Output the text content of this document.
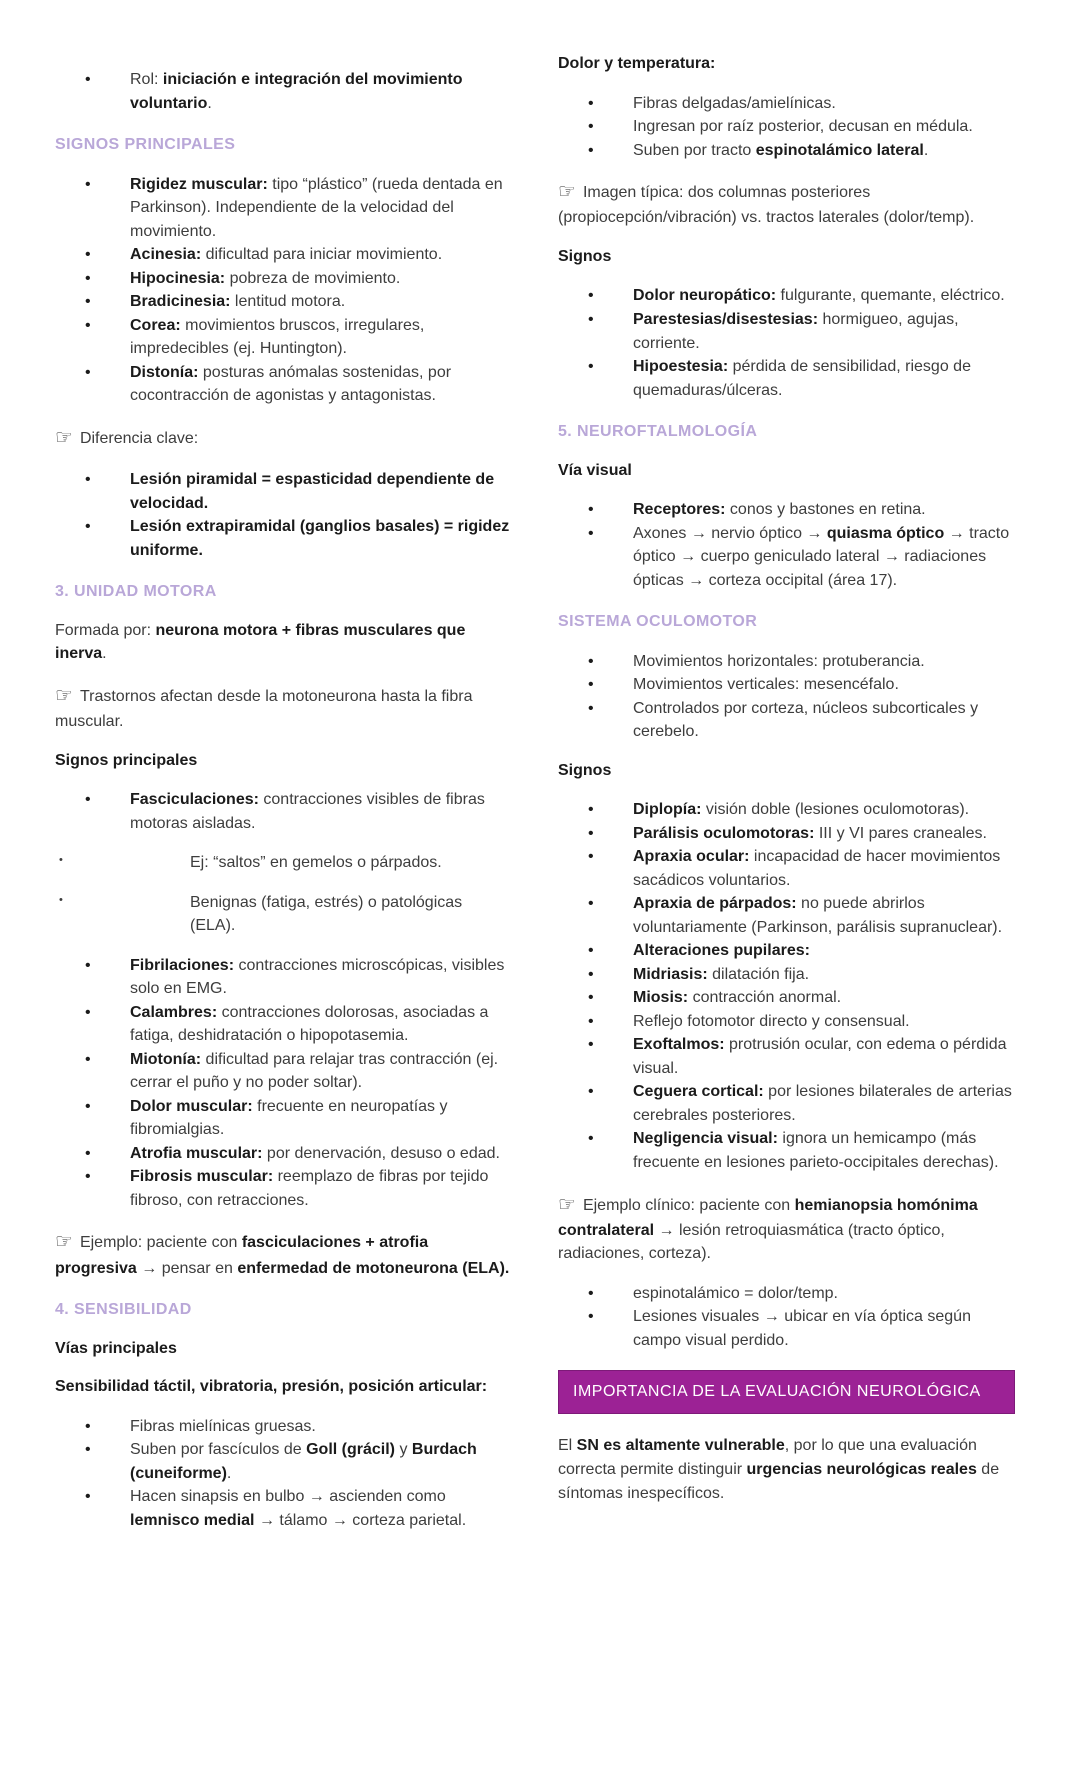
• Rol: iniciación e integración del movimiento voluntario.
SIGNOS PRINCIPALES
• Rigidez muscular: tipo “plástico” (rueda dentada en Parkinson). Independiente de la velocidad del movimiento.
• Acinesia: dificultad para iniciar movimiento.
• Hipocinesia: pobreza de movimiento.
• Bradicinesia: lentitud motora.
• Corea: movimientos bruscos, irregulares, impredecibles (ej. Huntington).
• Distonía: posturas anómalas sostenidas, por cocontracción de agonistas y antagonistas.

☞ Diferencia clave:

• Lesión piramidal = espasticidad dependiente de velocidad.
• Lesión extrapiramidal (ganglios basales) = rigidez uniforme.
3. UNIDAD MOTORA

Formada por: neurona motora + fibras musculares que inerva.

☞ Trastornos afectan desde la motoneurona hasta la fibra muscular.

Signos principales

• Fasciculaciones: contracciones visibles de fibras motoras aisladas.
• Ej: “saltos” en gemelos o párpados.
• Benignas (fatiga, estrés) o patológicas (ELA).
• Fibrilaciones: contracciones microscópicas, visibles solo en EMG.
• Calambres: contracciones dolorosas, asociadas a fatiga, deshidratación o hipopotasemia.
• Miotonía: dificultad para relajar tras contracción (ej. cerrar el puño y no poder soltar).
• Dolor muscular: frecuente en neuropatías y fibromialgias.
• Atrofia muscular: por denervación, desuso o edad.
• Fibrosis muscular: reemplazo de fibras por tejido fibroso, con retracciones.

☞ Ejemplo: paciente con fasciculaciones + atrofia progresiva → pensar en enfermedad de motoneurona (ELA).

4. SENSIBILIDAD

Vías principales

Sensibilidad táctil, vibratoria, presión, posición articular:

• Fibras mielínicas gruesas.
• Suben por fascículos de Goll (grácil) y Burdach (cuneiforme).
• Hacen sinapsis en bulbo → ascienden como lemnisco medial → tálamo → corteza parietal.

Dolor y temperatura:

• Fibras delgadas/amielínicas.
• Ingresan por raíz posterior, decusan en médula.
• Suben por tracto espinotalámico lateral.

☞ Imagen típica: dos columnas posteriores (propiocepción/vibración) vs. tractos laterales (dolor/temp).

Signos

• Dolor neuropático: fulgurante, quemante, eléctrico.
• Parestesias/disestesias: hormigueo, agujas, corriente.
• Hipoestesia: pérdida de sensibilidad, riesgo de quemaduras/úlceras.
5. NEUROFTALMOLOGÍA

Vía visual

• Receptores: conos y bastones en retina.
• Axones → nervio óptico → quiasma óptico → tracto óptico → cuerpo geniculado lateral → radiaciones ópticas → corteza occipital (área 17).
SISTEMA OCULOMOTOR
• Movimientos horizontales: protuberancia.
• Movimientos verticales: mesencéfalo.
• Controlados por corteza, núcleos subcorticales y cerebelo.

Signos

• Diplopía: visión doble (lesiones oculomotoras).
• Parálisis oculomotoras: III y VI pares craneales.
• Apraxia ocular: incapacidad de hacer movimientos sacádicos voluntarios.
• Apraxia de párpados: no puede abrirlos voluntariamente (Parkinson, parálisis supranuclear).
• Alteraciones pupilares:
• Midriasis: dilatación fija.
• Miosis: contracción anormal.
• Reflejo fotomotor directo y consensual.
• Exoftalmos: protrusión ocular, con edema o pérdida visual.
• Ceguera cortical: por lesiones bilaterales de arterias cerebrales posteriores.
• Negligencia visual: ignora un hemicampo (más frecuente en lesiones parieto-occipitales derechas).

☞ Ejemplo clínico: paciente con hemianopsia homónima contralateral → lesión retroquiasmática (tracto óptico, radiaciones, corteza).

• espinotalámico = dolor/temp.
• Lesiones visuales → ubicar en vía óptica según campo visual perdido.
IMPORTANCIA DE LA EVALUACIÓN NEUROLÓGICA

El SN es altamente vulnerable, por lo que una evaluación correcta permite distinguir urgencias neurológicas reales de síntomas inespecíficos.
